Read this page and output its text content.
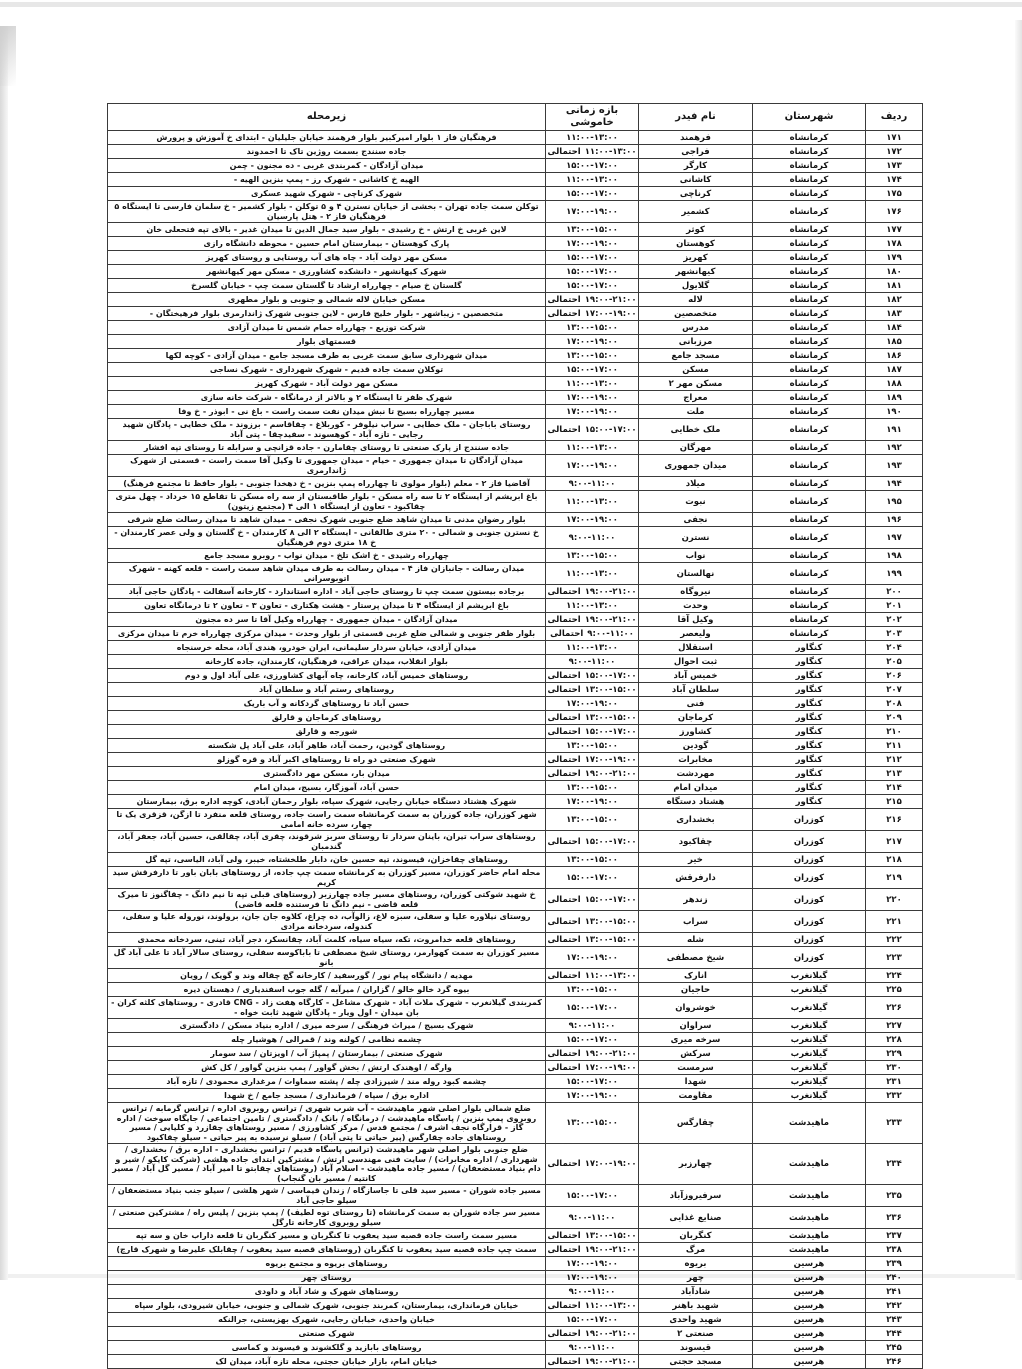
ردیف	شهرستان	نام فیدر	بازه زمانی خاموشی	زیرمحله
۱۷۱	کرمانشاه	فرهمند	۱۱:۰۰-۱۳:۰۰	فرهنگیان فاز ۱ بلوار امیرکبیر بلوار فرهمند خیابان جلیلیان - ابتدای خ آموزش و پرورش
۱۷۲	کرمانشاه	فراجی	احتمالی ۱۱:۰۰-۱۳:۰۰	جاده سنندج بسمت روژین تاک تا احمدوند
۱۷۳	کرمانشاه	کارگر	۱۵:۰۰-۱۷:۰۰	میدان آزادگان - کمربندی غربی - ده مجنون - چمن
۱۷۴	کرمانشاه	کاشانی	۱۱:۰۰-۱۳:۰۰	الهیه خ کاشانی - شهرک رز - پمپ بنزین الهیه -
۱۷۵	کرمانشاه	کرناچی	۱۵:۰۰-۱۷:۰۰	شهرک کرناچی - شهرک شهید عسکری
۱۷۶	کرمانشاه	کشمیر	۱۷:۰۰-۱۹:۰۰	توکلن سمت جاده تهران - بخشی از خیابان نسترن ۴ و ۵ توکلن - بلوار کشمیر - خ سلمان فارسی تا ایستگاه ۵ فرهنگیان فاز ۲ - هتل پارسیان
۱۷۷	کرمانشاه	کوثر	۱۳:۰۰-۱۵:۰۰	لاین غربی خ ارتش - خ رشیدی - بلوار سید جمال الدین تا میدان غدیر - بالای تپه فتحعلی خان
۱۷۸	کرمانشاه	کوهستان	۱۷:۰۰-۱۹:۰۰	پارک کوهستان - بیمارستان امام حسین - محوطه دانشگاه رازی
۱۷۹	کرمانشاه	کهریز	۱۵:۰۰-۱۷:۰۰	مسکن مهر دولت آباد - چاه های آب روستایی و روستای کهریز
۱۸۰	کرمانشاه	کیهانشهر	۱۵:۰۰-۱۷:۰۰	شهرک کیهانشهر - دانشکده کشاورزی - مسکن مهر کیهانشهر
۱۸۱	کرمانشاه	گلایول	۱۵:۰۰-۱۷:۰۰	گلستان خ صیام - چهارراه ارشاد تا گلستان سمت چپ - خیابان گلسرخ
۱۸۲	کرمانشاه	لاله	احتمالی ۱۹:۰۰-۲۱:۰۰	مسکن خیابان لاله شمالی و جنوبی و بلوار مطهری
۱۸۳	کرمانشاه	متخصصین	احتمالی ۱۷:۰۰-۱۹:۰۰	متخصصین - زیباشهر - بلوار خلیج فارس - لاین جنوبی شهرک ژاندارمری بلوار فرهیختگان -
۱۸۴	کرمانشاه	مدرس	۱۳:۰۰-۱۵:۰۰	شرکت توزیع - چهارراه حمام شمس تا میدان آزادی
۱۸۵	کرمانشاه	مرزبانی	۱۷:۰۰-۱۹:۰۰	قسمتهای بلوار
۱۸۶	کرمانشاه	مسجد جامع	۱۳:۰۰-۱۵:۰۰	میدان شهرداری سابق سمت غربی به طرف مسجد جامع - میدان آزادی - کوچه لکها
۱۸۷	کرمانشاه	مسکن	۱۵:۰۰-۱۷:۰۰	توکلان سمت جاده قدیم - شهرک شهرداری - شهرک نساجی
۱۸۸	کرمانشاه	مسکن مهر ۲	۱۱:۰۰-۱۳:۰۰	مسکن مهر دولت آباد - شهرک کهریز
۱۸۹	کرمانشاه	معراج	۱۷:۰۰-۱۹:۰۰	شهرک ظفر تا ایستگاه ۲ و بالاتر از درمانگاه - شرکت خانه سازی
۱۹۰	کرمانشاه	ملت	۱۷:۰۰-۱۹:۰۰	مسیر چهارراه بسیج تا نبش میدان نفت سمت راست - باغ نی - ابوذر - خ وفا
۱۹۱	کرمانشاه	ملک خطایی	احتمالی ۱۵:۰۰-۱۷:۰۰	روستای باباجان - ملک خطایی - سراب نیلوفر - کوربلاغ - چقاقاسم - برزوند - ملک خطایی - پادگان شهید رجایی - تازه آباد - کوهسوند - سفیدچقا - پتی آباد
۱۹۲	کرمانشاه	مهرگان	۱۱:۰۰-۱۳:۰۰	جاده سنندج از پارک صنعتی تا روستای چقامارن - جاده قزانچی و سرابله تا روستای تپه افشار
۱۹۳	کرمانشاه	میدان جمهوری	۱۷:۰۰-۱۹:۰۰	میدان آزادگان تا میدان جمهوری - خیام - میدان جمهوری تا وکیل آقا سمت راست - قسمتی از شهرک ژاندارمری
۱۹۴	کرمانشاه	میلاد	۹:۰۰-۱۱:۰۰	آقاضیا فاز ۲ - معلم (بلوار مولوی تا چهارراه پمپ بنزین - خ دهخدا جنوبی - بلوار حافظ تا مجتمع فرهنگ)
۱۹۵	کرمانشاه	نبوت	۱۱:۰۰-۱۳:۰۰	باغ ابریشم از ایستگاه ۲ تا سه راه مسکن - بلوار طاقبستان از سه راه مسکن تا تقاطع ۱۵ خرداد - چهل متری چقاکبود - تعاون از ایستگاه ۱ الی ۴ (مجتمع زیتون)
۱۹۶	کرمانشاه	نجفی	۱۷:۰۰-۱۹:۰۰	بلوار رضوان مدنی تا میدان شاهد ضلع جنوبی شهرک نجفی - میدان شاهد تا میدان رسالت ضلع شرقی
۱۹۷	کرمانشاه	نسترن	۹:۰۰-۱۱:۰۰	خ نسترن جنوبی و شمالی - ۲۰ متری طالقانی - ایستگاه ۲ الی ۸ کارمندان - خ گلستان و ولی عصر کارمندان - خ ۱۸ متری دوم فرهنگیان
۱۹۸	کرمانشاه	نواب	۱۳:۰۰-۱۵:۰۰	چهارراه رشیدی - خ اشک تلخ - میدان نواب - روبرو مسجد جامع
۱۹۹	کرمانشاه	نهالستان	۱۱:۰۰-۱۳:۰۰	میدان رسالت - جانبازان فاز ۴ - میدان رسالت به طرف میدان شاهد سمت راست - قلعه کهنه - شهرک اتوبوسرانی
۲۰۰	کرمانشاه	نیروگاه	احتمالی ۱۹:۰۰-۲۱:۰۰	برجاده بیستون سمت چپ تا روستای حاجی آباد - اداره استاندارد - کارخانه آسفالت - پادگان حاجی آباد
۲۰۱	کرمانشاه	وحدت	۱۱:۰۰-۱۳:۰۰	باغ ابریشم از ایستگاه ۴ تا میدان پرستار - هشت هکتاری - تعاون ۳ - تعاون ۲ تا درمانگاه تعاون
۲۰۲	کرمانشاه	وکیل آقا	احتمالی ۱۹:۰۰-۲۱:۰۰	میدان آزادگان - میدان جمهوری - چهارراه وکیل آقا تا سر ده مجنون
۲۰۳	کرمانشاه	ولیعصر	احتمالی ۹:۰۰-۱۱:۰۰	بلوار ظفر جنوبی و شمالی ضلع غربی قسمتی از بلوار وحدت - میدان مرکزی چهارراه خرم تا میدان مرکزی
۲۰۴	کنگاور	استقلال	۱۱:۰۰-۱۳:۰۰	میدان آزادی، خیابان سردار سلیمانی، ایران خودرو، هندی آباد، محله خرسنجاه
۲۰۵	کنگاور	ثبت احوال	۹:۰۰-۱۱:۰۰	بلوار انقلاب، میدان عراقی، فرهنگیان، کارمندان، جاده کارخانه
۲۰۶	کنگاور	خمیس آباد	احتمالی ۱۵:۰۰-۱۷:۰۰	روستاهای خمیس آباد، کارخانه، چاه آبهای کشاورزی، علی آباد اول و دوم
۲۰۷	کنگاور	سلطان آباد	احتمالی ۱۳:۰۰-۱۵:۰۰	روستاهای رستم آباد و سلطان آباد
۲۰۸	کنگاور	فنی	۱۷:۰۰-۱۹:۰۰	حسن آباد تا روستاهای گردکانه و آب باریک
۲۰۹	کنگاور	کرماجان	احتمالی ۱۳:۰۰-۱۵:۰۰	روستاهای کرماجان و قارلق
۲۱۰	کنگاور	کشاورز	احتمالی ۱۵:۰۰-۱۷:۰۰	شورجه و قارلق
۲۱۱	کنگاور	گودین	۱۳:۰۰-۱۵:۰۰	روستاهای گودین، رحمت آباد، طاهر آباد، علی آباد پل شکسته
۲۱۲	کنگاور	مخابرات	احتمالی ۱۷:۰۰-۱۹:۰۰	شهرک صنعتی دو راه تا روستاهای اکبر آباد و قره گوزلو
۲۱۳	کنگاور	مهردشت	احتمالی ۱۹:۰۰-۲۱:۰۰	میدان بار، مسکن مهر دادگستری
۲۱۴	کنگاور	میدان امام	۱۳:۰۰-۱۵:۰۰	حسن آباد، آموزگار، بسیج، میدان امام
۲۱۵	کنگاور	هشتاد دستگاه	۱۷:۰۰-۱۹:۰۰	شهرک هشتاد دستگاه خیابان رجایی، شهرک سپاه، بلوار رحمان آبادی، کوچه اداره برق، بیمارستان
۲۱۶	کوزران	بخشداری	۱۳:۰۰-۱۵:۰۰	شهر کوزران، جاده کوزران به سمت کرمانشاه سمت راست جاده، روستای قلعه منفرد تا ازگن، قزقری یک تا چهار، سرده خانه امامی
۲۱۷	کوزران	چقاکبود	احتمالی ۱۵:۰۰-۱۷:۰۰	روستاهای سراب تیران، باینان سردار تا روستای سربز شرقوند، چقری آباد، چقالقی، حسین آباد، جعفر آباد، گندمبان
۲۱۸	کوزران	خیر	۱۳:۰۰-۱۵:۰۰	روستاهای چقاخزان، قیسوند، تپه حسین خان، دابار طلخشتاه، خیبر، ولی آباد، الیاسی، تپه گل
۲۱۹	کوزران	دارفرقش	۱۵:۰۰-۱۷:۰۰	محله امام حاضر کوزران، مسیر کوزران به کرمانشاه سمت چپ جاده، از روستاهای بابان باور تا دارفرقش سید کریم
۲۲۰	کوزران	زندهر	احتمالی ۱۵:۰۰-۱۷:۰۰	خ شهید شوکتی کوزران، روستاهای مسیر جاده چهارزبر (روستاهای قبلی تپه تا نیم دانگ - چقاگنوز تا میرک قلعه قاضی - نیم دانگ تا فرستنده قلعه قاضی)
۲۲۱	کوزران	سراب	احتمالی ۱۳:۰۰-۱۵:۰۰	روستای نیلاوره علیا و سفلی، سبزه لاغ، زالوآب، ده چراغ، کلاوه جان جان، برولوند، نوروله علیا و سفلی، کندوله، سردخانه مرادی
۲۲۲	کوزران	شله	احتمالی ۱۳:۰۰-۱۵:۰۰	روستاهای قلعه خدامروت، تکه، سیاه سیاه، کلمت آباد، چقانسکر، دجر آباد، تینی، سردخانه محمدی
۲۲۳	کوزران	شیخ مصطفی	۱۷:۰۰-۱۹:۰۰	مسیر کوزران به سمت کهوارمر، روستای شیخ مصطفی تا باباکوسه سفلی، روستای سالار آباد تا علی آباد گل بانو
۲۲۴	گیلانغرب	انارک	احتمالی ۱۱:۰۰-۱۳:۰۰	مهدیه / دانشگاه پیام نور / گورسفید / کارخانه گچ چقاله وند و گویک / رویان
۲۲۵	گیلانغرب	حاجیان	۱۳:۰۰-۱۵:۰۰	بیوه گرد خالو خالو / گزاران / میرآبه / گله جوب اسفندیاری / دهستان دیره
۲۲۶	گیلانغرب	خوشروان	۱۵:۰۰-۱۷:۰۰	کمربندی گیلانغرب - شهرک ملات آباد - شهرک مشاغل - کارگاه هفت زاد - CNG قادری - روستاهای کلثه کران - بان میدان - اول ویار - پادگان شهید ثابت خواه -
۲۲۷	گیلانغرب	سراوان	۹:۰۰-۱۱:۰۰	شهرک بسیج / میراث فرهنگی / سرخه میری / اداره بنیاد مسکن / دادگستری
۲۲۸	گیلانغرب	سرخه میری	۱۵:۰۰-۱۷:۰۰	چشمه نظامی / کولنه وند / قمرالی / هوشیار چله
۲۲۹	گیلانغرب	سرکش	احتمالی ۱۹:۰۰-۲۱:۰۰	شهرک صنعتی / بیمارستان / پمپاژ آب / اویزتان / سد سومار
۲۳۰	گیلانغرب	سرمست	احتمالی ۱۷:۰۰-۱۹:۰۰	وارگه / اوهندک ارتش / بخش گواور / پمپ بنزین گواور / کل کش
۲۳۱	گیلانغرب	شهدا	۱۵:۰۰-۱۷:۰۰	چشمه کبود روله مند / شیرزادی چله / پشته سماوات / مرغداری محمودی / تازه آباد
۲۳۲	گیلانغرب	مقاومت	۱۷:۰۰-۱۹:۰۰	اداره برق / سپاه / فرمانداری / مسجد جامع / خ شهدا
۲۳۳	ماهیدشت	چقارگس	۱۳:۰۰-۱۵:۰۰	ضلع شمالی بلوار اصلی شهر ماهیدشت - آب شرب شهری / ترانس روبروی اداره / ترانس گرمابه / ترانس روبروی پمپ بنزین / پاسگاه ماهیدشت / درمانگاه / بانک / دادگستری / تامین اجتماعی / جایگاه سوخت / اداره گاز - قرارگاه نجف اشرف / مجتمع قدس / مرکز کشاورزی / مسیر روستاهای چقازرد و کلیایی / مسیر روستاهای جاده چقارگس (پیر حیاتی تا پتی آباد) / سیلو نرسیده به پیر حیاتی - سیلو چقاکبود
۲۳۴	ماهیدشت	چهارزبر	احتمالی ۱۷:۰۰-۱۹:۰۰	ضلع جنوبی بلوار اصلی شهر ماهیدشت (ترانس پاسگاه قدیم / ترانس بخشداری - اداره برق / بخشداری / شهرداری / اداره مخابرات) / سایت فنی مهندسی ارتش / مشترکین ابتدای جاده هلشی (شرکت کایکو / شیر و دام بنیاد مستضعفان) / مسیر جاده ماهیدشت - اسلام آباد (روستاهای چقابتو تا امیر آباد / مسیر گل آباد / مسیر کانتیه / مسیر بان گنجاب)
۲۳۵	ماهیدشت	سرفیروزآباد	۱۵:۰۰-۱۷:۰۰	مسیر جاده شوران - مسیر سید قلی تا جاسازگاه / زندان قیماسی / شهر هلشی / سیلو جنب بنیاد مستضعفان / سیلو حاجی آباد
۲۳۶	ماهیدشت	صنایع غذایی	۹:۰۰-۱۱:۰۰	مسیر سر جاده شوران به سمت کرمانشاه (تا روستای توه لطیف) / پمپ بنزین / پلیس راه / مشترکین صنعتی / سیلو روبروی کارخانه تارگل
۲۳۷	ماهیدشت	کنگربان	احتمالی ۱۳:۰۰-۱۵:۰۰	مسیر سمت راست جاده قصبه سید یعقوب تا کنگربان و مسیر کنگربان تا قلعه داراب خان و سه تپه
۲۳۸	ماهیدشت	مرگ	احتمالی ۱۹:۰۰-۲۱:۰۰	سمت چپ جاده قصبه سید یعقوب تا کنگربان (روستاهای قصبه سید یعقوب / چقابلک علیرضا و شهرک قارچ)
۲۳۹	هرسین	بریوه	۱۷:۰۰-۱۹:۰۰	روستاهای بریوه و مجتمع بریوه
۲۴۰	هرسین	چهر	۱۷:۰۰-۱۹:۰۰	روستای چهر
۲۴۱	هرسین	شادآباد	۹:۰۰-۱۱:۰۰	روستاهای شهرک و شاد آباد و داودی
۲۴۲	هرسین	شهید باهنر	احتمالی ۱۱:۰۰-۱۳:۰۰	خیابان فرمانداری، بیمارستان، کمربند جنوبی، شهرک شمالی و جنوبی، خیابان شیرودی، بلوار سپاه
۲۴۳	هرسین	شهید واحدی	۱۵:۰۰-۱۷:۰۰	خیابان واحدی، خیابان رجایی، شهرک بهزیستی، جرالنکه
۲۴۴	هرسین	صنعتی ۲	احتمالی ۱۹:۰۰-۲۱:۰۰	شهرک صنعتی
۲۴۵	هرسین	قیسوند	۹:۰۰-۱۱:۰۰	روستاهای بابازید و گلکشوند و قیسوند و کماسی
۲۴۶	هرسین	مسجد حجتی	احتمالی ۱۹:۰۰-۲۱:۰۰	خیابان امام، بازار خیابان حجتی، محله تازه آباد، میدان لک
